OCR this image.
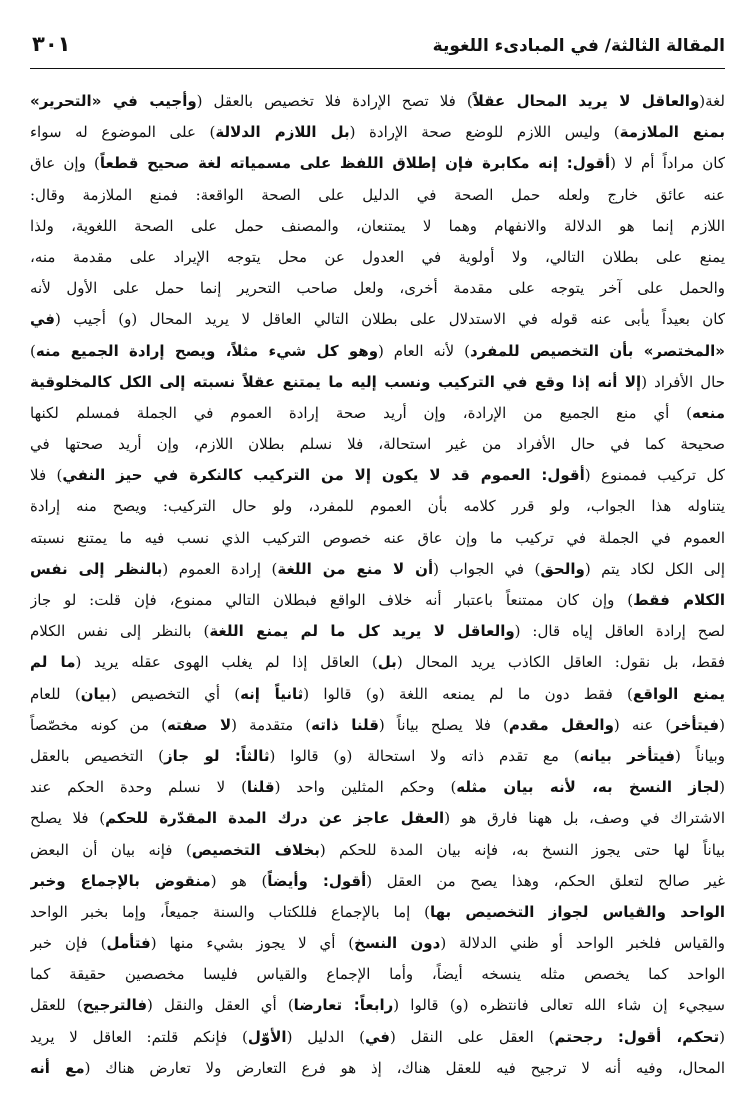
المقالة الثالثة/ في المبادىء اللغوية
٣٠١
لغة(والعاقل لا يريد المحال عقلاً) فلا تصح الإرادة فلا تخصيص بالعقل (وأجيب في «التحرير»
بمنع الملازمة) وليس اللازم للوضع صحة الإرادة (بل اللازم الدلالة) على الموضوع له سواء
كان مراداً أم لا (أقول: إنه مكابرة فإن إطلاق اللفظ على مسمياته لغة صحيح قطعاً) وإن عاق
عنه عائق خارج ولعله حمل الصحة في الدليل على الصحة الواقعة: فمنع الملازمة وقال:
اللازم إنما هو الدلالة والانفهام وهما لا يمتنعان، والمصنف حمل على الصحة اللغوية، ولذا
يمنع على بطلان التالي، ولا أولوية في العدول عن محل يتوجه الإيراد على مقدمة منه،
والحمل على آخر يتوجه على مقدمة أخرى، ولعل صاحب التحرير إنما حمل على الأول لأنه
كان بعيداً يأبى عنه قوله في الاستدلال على بطلان التالي العاقل لا يريد المحال (و) أجيب (في
«المختصر» بأن التخصيص للمفرد) لأنه العام (وهو كل شيء مثلاً، ويصح إرادة الجميع منه)
حال الأفراد (إلا أنه إذا وقع في التركيب ونسب إليه ما يمتنع عقلاً نسبته إلى الكل كالمخلوقية
منعه) أي منع الجميع من الإرادة، وإن أريد صحة إرادة العموم في الجملة فمسلم لكنها
صحيحة كما في حال الأفراد من غير استحالة، فلا نسلم بطلان اللازم، وإن أريد صحتها في
كل تركيب فممنوع (أقول: العموم قد لا يكون إلا من التركيب كالنكرة في حيز النفي) فلا
يتناوله هذا الجواب، ولو قرر كلامه بأن العموم للمفرد، ولو حال التركيب: ويصح منه إرادة
العموم في الجملة في تركيب ما وإن عاق عنه خصوص التركيب الذي نسب فيه ما يمتنع نسبته
إلى الكل لكاد يتم (والحق) في الجواب (أن لا منع من اللغة) إرادة العموم (بالنظر إلى نفس
الكلام فقط) وإن كان ممتنعاً باعتبار أنه خلاف الواقع فبطلان التالي ممنوع، فإن قلت: لو جاز
لصح إرادة العاقل إياه قال: (والعاقل لا يريد كل ما لم يمنع اللغة) بالنظر إلى نفس الكلام
فقط، بل نقول: العاقل الكاذب يريد المحال (بل) العاقل إذا لم يغلب الهوى عقله يريد (ما لم
يمنع الواقع) فقط دون ما لم يمنعه اللغة (و) قالوا (ثانياً إنه) أي التخصيص (بيان) للعام
(فيتأخر) عنه (والعقل مقدم) فلا يصلح بياناً (قلنا ذاته) متقدمة (لا صفته) من كونه مخصّصاً
وبياناً (فيتأخر بيانه) مع تقدم ذاته ولا استحالة (و) قالوا (ثالثاً: لو جاز) التخصيص بالعقل
(لجاز النسخ به، لأنه بيان مثله) وحكم المثلين واحد (قلنا) لا نسلم وحدة الحكم عند
الاشتراك في وصف، بل ههنا فارق هو (العقل عاجز عن درك المدة المقدّرة للحكم) فلا يصلح
بياناً لها حتى يجوز النسخ به، فإنه بيان المدة للحكم (بخلاف التخصيص) فإنه بيان أن البعض
غير صالح لتعلق الحكم، وهذا يصح من العقل (أقول: وأيضاً) هو (منقوض بالإجماع وخبر
الواحد والقياس لجواز التخصيص بها) إما بالإجماع فللكتاب والسنة جميعاً، وإما بخبر الواحد
والقياس فلخبر الواحد أو ظني الدلالة (دون النسخ) أي لا يجوز بشيء منها (فتأمل) فإن خبر
الواحد كما يخصص مثله ينسخه أيضاً، وأما الإجماع والقياس فليسا مخصصين حقيقة كما
سيجيء إن شاء الله تعالى فانتظره (و) قالوا (رابعاً: تعارضا) أي العقل والنقل (فالترجيح) للعقل
(تحكم، أقول: رجحتم) العقل على النقل (في) الدليل (الأوّل) فإنكم قلتم: العاقل لا يريد
المحال، وفيه أنه لا ترجيح فيه للعقل هناك، إذ هو فرع التعارض ولا تعارض هناك (مع أنه
